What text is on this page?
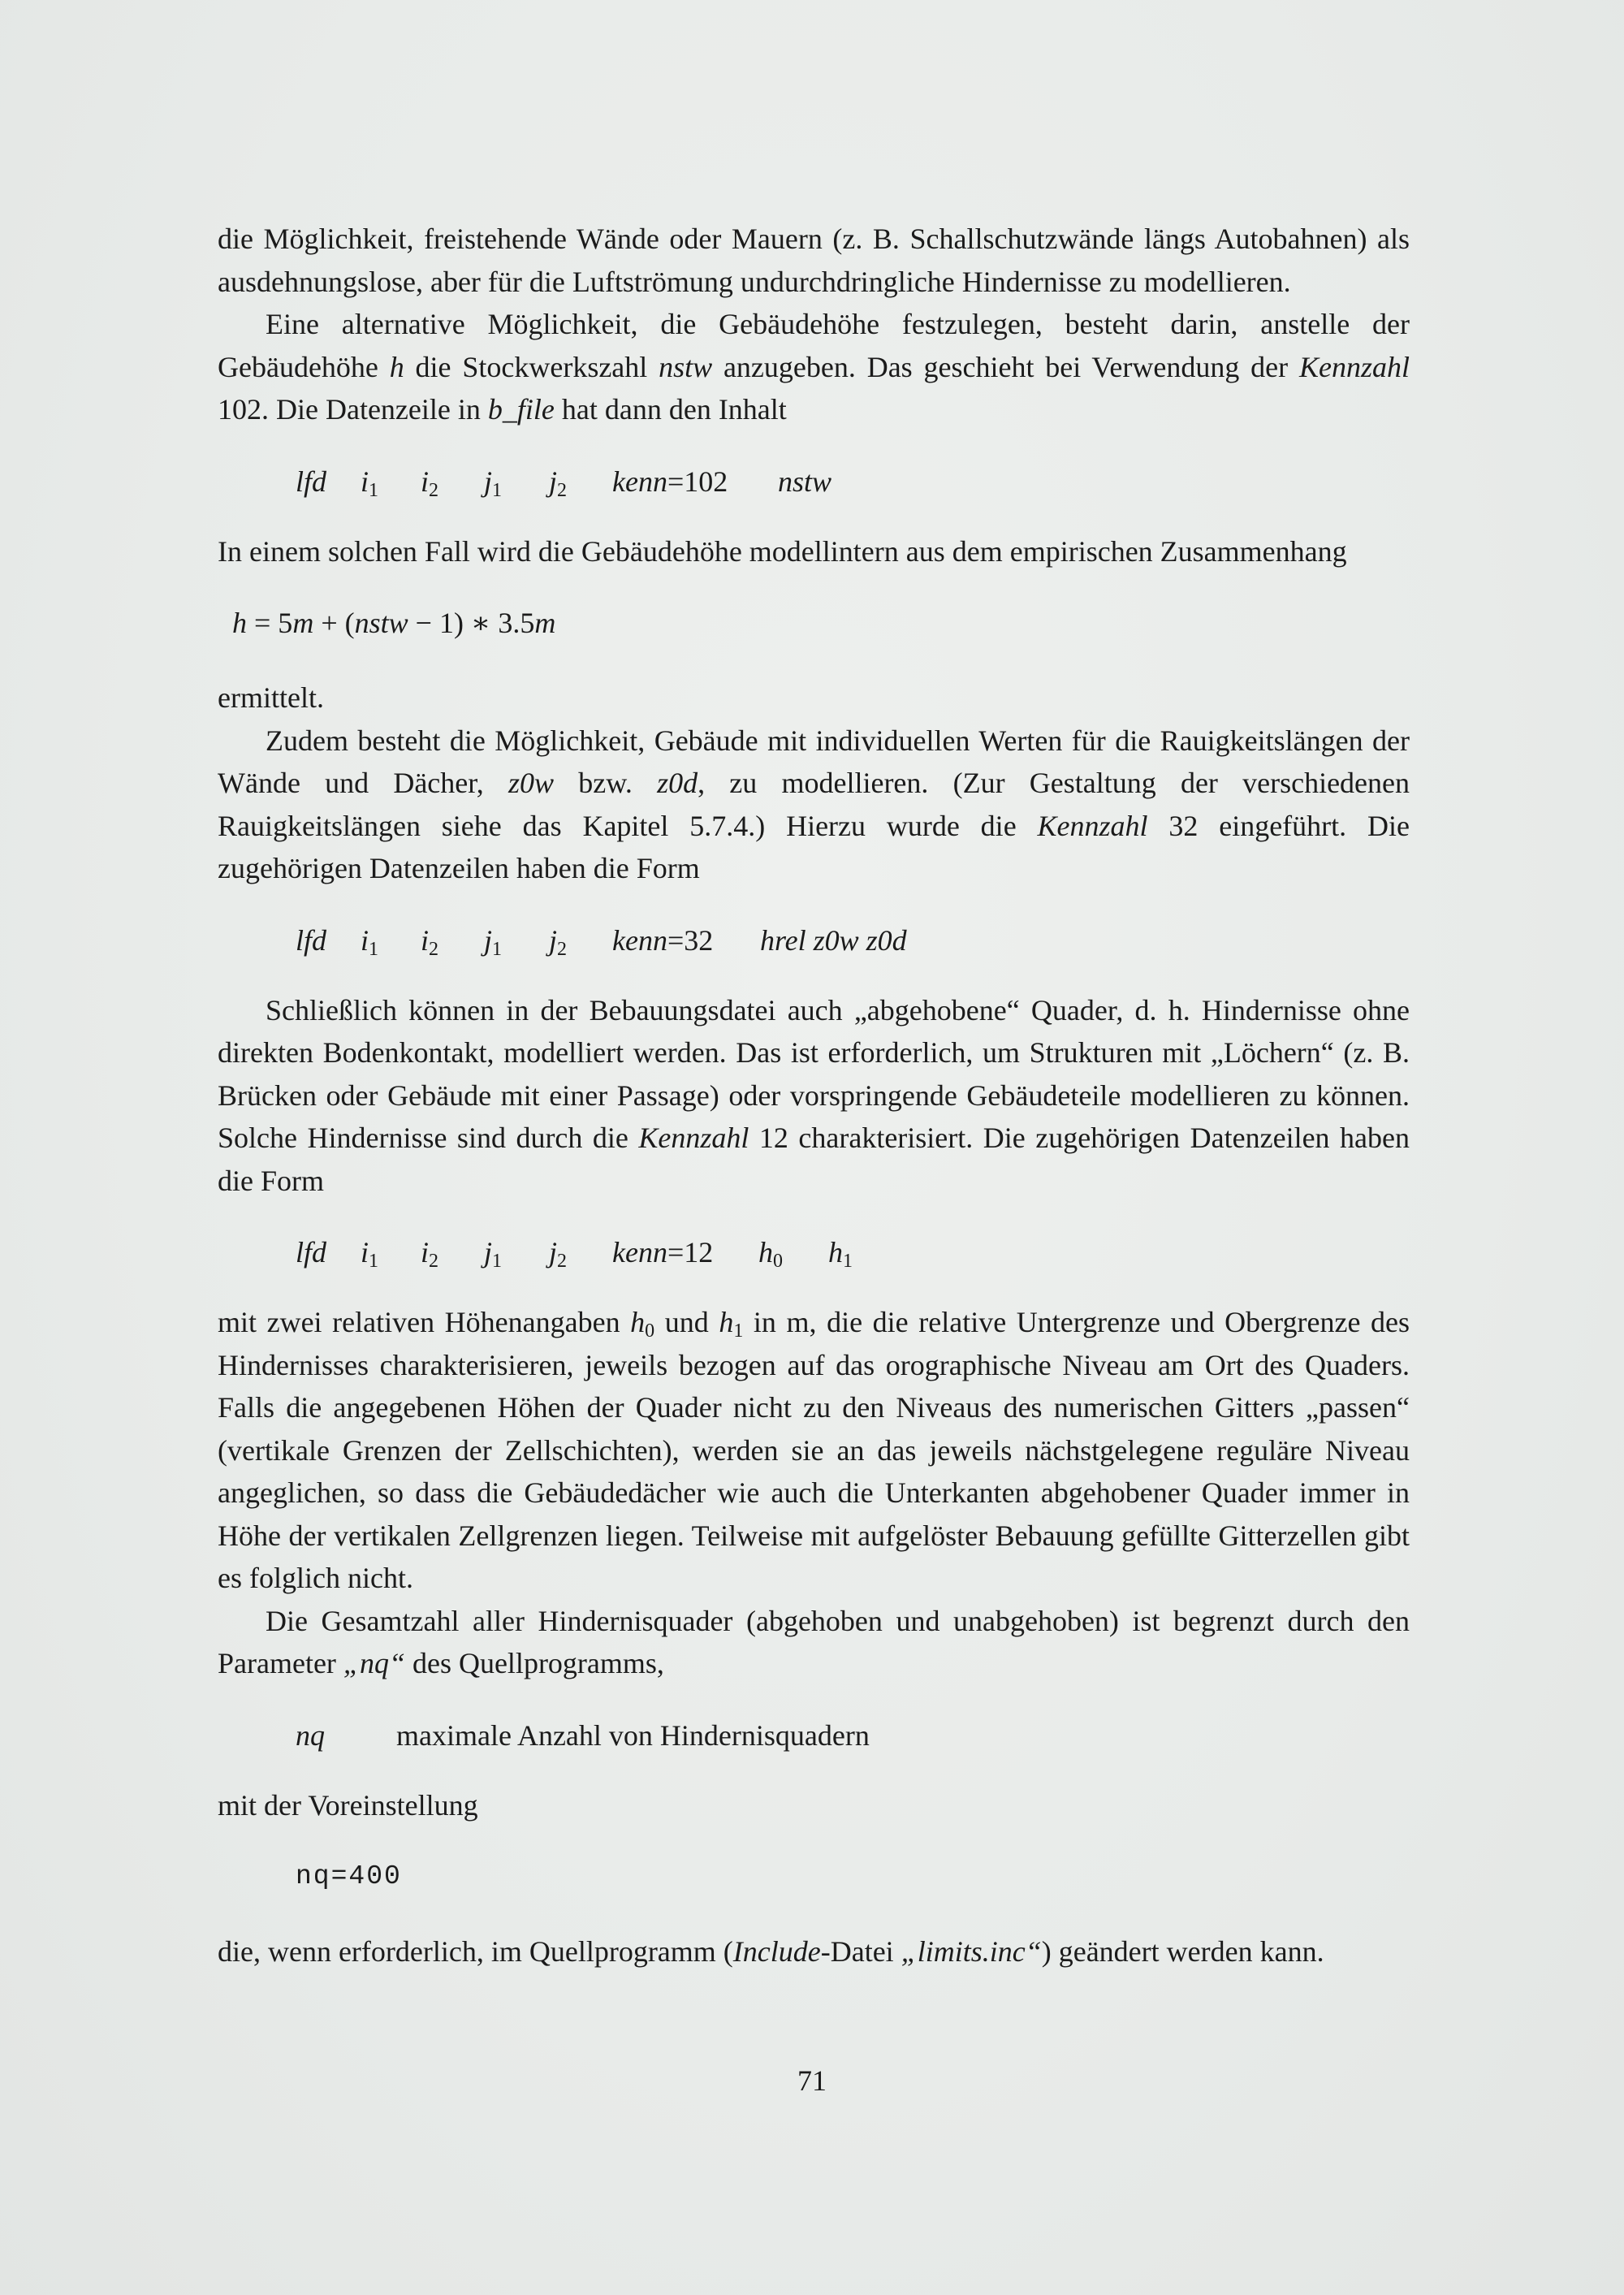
die Möglichkeit, freistehende Wände oder Mauern (z. B. Schallschutzwände längs Autobahnen) als ausdehnungslose, aber für die Luftströmung undurchdringliche Hindernisse zu modellieren.

Eine alternative Möglichkeit, die Gebäudehöhe festzulegen, besteht darin, anstelle der Gebäudehöhe h die Stockwerkszahl nstw anzugeben. Das geschieht bei Verwendung der Kennzahl 102. Die Datenzeile in b_file hat dann den Inhalt

lfd

$i_1$

$i_2$

$j_1$

$j_2$

kenn=102

nstw

In einem solchen Fall wird die Gebäudehöhe modellintern aus dem empirischen Zusammenhang

h = 5m + (nstw − 1) ∗ 3.5m

ermittelt.

Zudem besteht die Möglichkeit, Gebäude mit individuellen Werten für die Rauigkeitslängen der Wände und Dächer, z0w bzw. z0d, zu modellieren. (Zur Gestaltung der verschiedenen Rauigkeitslängen siehe das Kapitel 5.7.4.) Hierzu wurde die Kennzahl 32 eingeführt. Die zugehörigen Datenzeilen haben die Form

lfd

$i_1$

$i_2$

$j_1$

$j_2$

kenn=32

hrel z0w z0d

Schließlich können in der Bebauungsdatei auch „abgehobene“ Quader, d. h. Hindernisse ohne direkten Bodenkontakt, modelliert werden. Das ist erforderlich, um Strukturen mit „Löchern“ (z. B. Brücken oder Gebäude mit einer Passage) oder vorspringende Gebäudeteile modellieren zu können. Solche Hindernisse sind durch die Kennzahl 12 charakterisiert. Die zugehörigen Datenzeilen haben die Form

lfd

$i_1$

$i_2$

$j_1$

$j_2$

kenn=12

$h_0$

$h_1$

mit zwei relativen Höhenangaben $h_0$ und $h_1$ in m, die die relative Untergrenze und Obergrenze des Hindernisses charakterisieren, jeweils bezogen auf das orographische Niveau am Ort des Quaders. Falls die angegebenen Höhen der Quader nicht zu den Niveaus des numerischen Gitters „passen“ (vertikale Grenzen der Zellschichten), werden sie an das jeweils nächstgelegene reguläre Niveau angeglichen, so dass die Gebäudedächer wie auch die Unterkanten abgehobener Quader immer in Höhe der vertikalen Zellgrenzen liegen. Teilweise mit aufgelöster Bebauung gefüllte Gitterzellen gibt es folglich nicht.

Die Gesamtzahl aller Hindernisquader (abgehoben und unabgehoben) ist begrenzt durch den Parameter „nq“ des Quellprogramms,

nq

maximale Anzahl von Hindernisquadern

mit der Voreinstellung

nq=400

die, wenn erforderlich, im Quellprogramm (Include-Datei „limits.inc“) geändert werden kann.

71
